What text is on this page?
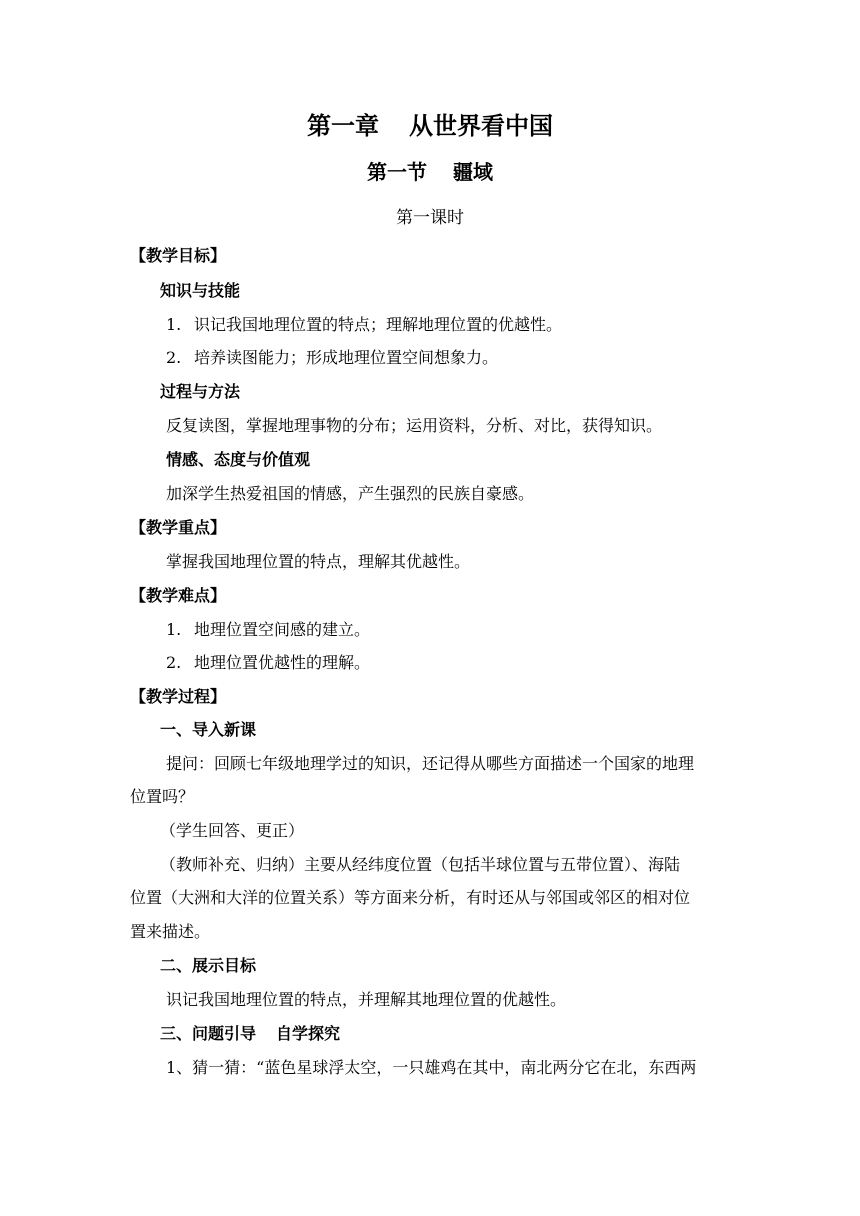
第一章 从世界看中国
第一节 疆域
第一课时
【教学目标】
知识与技能
1. 识记我国地理位置的特点；理解地理位置的优越性。
2. 培养读图能力；形成地理位置空间想象力。
过程与方法
反复读图，掌握地理事物的分布；运用资料，分析、对比，获得知识。
情感、态度与价值观
加深学生热爱祖国的情感，产生强烈的民族自豪感。
【教学重点】
掌握我国地理位置的特点，理解其优越性。
【教学难点】
1. 地理位置空间感的建立。
2. 地理位置优越性的理解。
【教学过程】
一、导入新课
提问：回顾七年级地理学过的知识，还记得从哪些方面描述一个国家的地理
位置吗？
（学生回答、更正）
（教师补充、归纳）主要从经纬度位置（包括半球位置与五带位置）、海陆
位置（大洲和大洋的位置关系）等方面来分析，有时还从与邻国或邻区的相对位
置来描述。
二、展示目标
识记我国地理位置的特点，并理解其地理位置的优越性。
三、问题引导 自学探究
1、猜一猜：“蓝色星球浮太空，一只雄鸡在其中，南北两分它在北，东西两
